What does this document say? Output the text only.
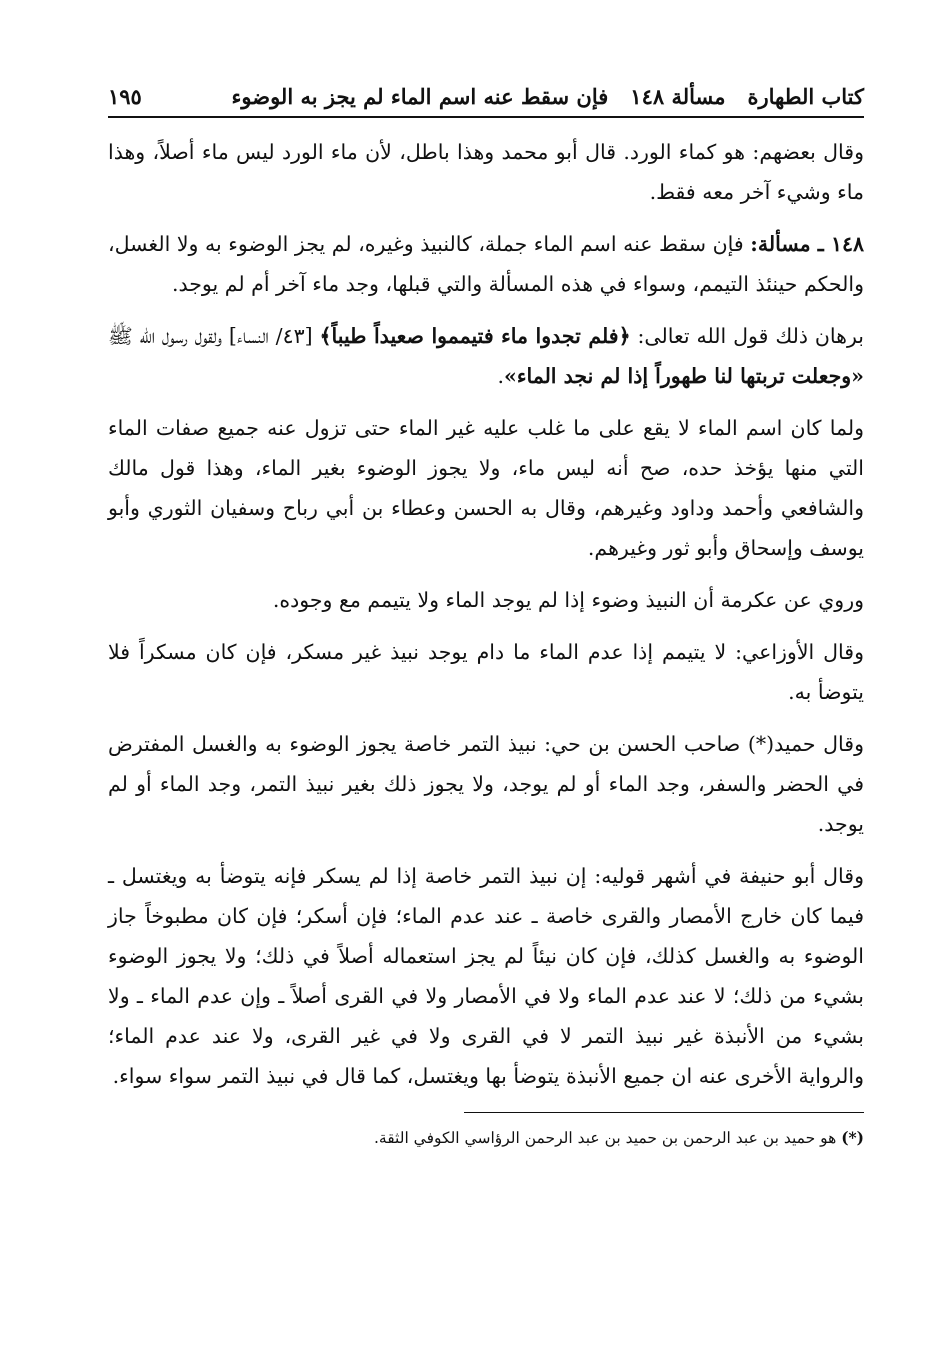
كتاب الطهارة
مسألة ١٤٨
فإن سقط عنه اسم الماء لم يجز به الوضوء
١٩٥

وقال بعضهم: هو كماء الورد. قال أبو محمد وهذا باطل، لأن ماء الورد ليس ماء أصلاً، وهذا ماء وشيء آخر معه فقط.

١٤٨ ـ مسألة: فإن سقط عنه اسم الماء جملة، كالنبيذ وغيره، لم يجز الوضوء به ولا الغسل، والحكم حينئذ التيمم، وسواء في هذه المسألة والتي قبلها، وجد ماء آخر أم لم يوجد.

برهان ذلك قول الله تعالى: ﴿فلم تجدوا ماء فتيمموا صعيداً طيباً﴾ [٤٣/ النساء] ولقول رسول الله ﷺ «وجعلت تربتها لنا طهوراً إذا لم نجد الماء».

ولما كان اسم الماء لا يقع على ما غلب عليه غير الماء حتى تزول عنه جميع صفات الماء التي منها يؤخذ حده، صح أنه ليس ماء، ولا يجوز الوضوء بغير الماء، وهذا قول مالك والشافعي وأحمد وداود وغيرهم، وقال به الحسن وعطاء بن أبي رباح وسفيان الثوري وأبو يوسف وإسحاق وأبو ثور وغيرهم.

وروي عن عكرمة أن النبيذ وضوء إذا لم يوجد الماء ولا يتيمم مع وجوده.

وقال الأوزاعي: لا يتيمم إذا عدم الماء ما دام يوجد نبيذ غير مسكر، فإن كان مسكراً فلا يتوضأ به.

وقال حميد(*) صاحب الحسن بن حي: نبيذ التمر خاصة يجوز الوضوء به والغسل المفترض في الحضر والسفر، وجد الماء أو لم يوجد، ولا يجوز ذلك بغير نبيذ التمر، وجد الماء أو لم يوجد.

وقال أبو حنيفة في أشهر قوليه: إن نبيذ التمر خاصة إذا لم يسكر فإنه يتوضأ به ويغتسل ـ فيما كان خارج الأمصار والقرى خاصة ـ عند عدم الماء؛ فإن أسكر؛ فإن كان مطبوخاً جاز الوضوء به والغسل كذلك، فإن كان نيئاً لم يجز استعماله أصلاً في ذلك؛ ولا يجوز الوضوء بشيء من ذلك؛ لا عند عدم الماء ولا في الأمصار ولا في القرى أصلاً ـ وإن عدم الماء ـ ولا بشيء من الأنبذة غير نبيذ التمر لا في القرى ولا في غير القرى، ولا عند عدم الماء؛ والرواية الأخرى عنه ان جميع الأنبذة يتوضأ بها ويغتسل، كما قال في نبيذ التمر سواء سواء.

(*) هو حميد بن عبد الرحمن بن حميد بن عبد الرحمن الرؤاسي الكوفي الثقة.
